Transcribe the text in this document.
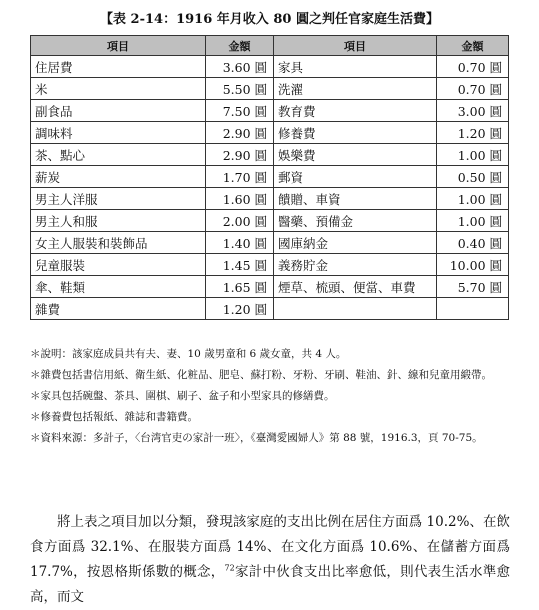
【表 2-14：1916 年月收入 80 圓之判任官家庭生活費】
項目	金額	項目	金額
住居費	3.60 圓	家具	0.70 圓
米	5.50 圓	洗濯	0.70 圓
副食品	7.50 圓	教育費	3.00 圓
調味料	2.90 圓	修養費	1.20 圓
茶、點心	2.90 圓	娛樂費	1.00 圓
薪炭	1.70 圓	郵資	0.50 圓
男主人洋服	1.60 圓	饋贈、車資	1.00 圓
男主人和服	2.00 圓	醫藥、預備金	1.00 圓
女主人服裝和裝飾品	1.40 圓	國庫納金	0.40 圓
兒童服裝	1.45 圓	義務貯金	10.00 圓
傘、鞋類	1.65 圓	煙草、梳頭、便當、車費	5.70 圓
雜費	1.20 圓		
＊說明：該家庭成員共有夫、妻、10 歲男童和 6 歲女童，共 4 人。
＊雜費包括書信用紙、衛生紙、化粧品、肥皂、蘇打粉、牙粉、牙刷、鞋油、針、線和兒童用緞帶。
＊家具包括碗盤、茶具、圍棋、刷子、盆子和小型家具的修繕費。
＊修養費包括報紙、雜誌和書籍費。
＊資料來源：多計子，〈台湾官吏の家計一班〉，《臺灣愛國婦人》第 88 號，1916.3，頁 70-75。
將上表之項目加以分類，發現該家庭的支出比例在居住方面爲 10.2%、在飲食方面爲 32.1%、在服裝方面爲 14%、在文化方面爲 10.6%、在儲蓄方面爲 17.7%，按恩格斯係數的概念，$^{72}$家計中伙食支出比率愈低，則代表生活水準愈高，而文
